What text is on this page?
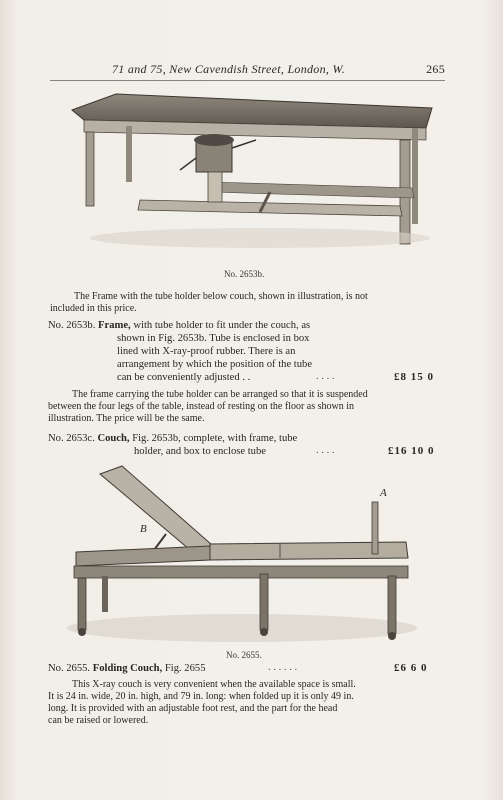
71 and 75, New Cavendish Street, London, W.	265
No. 2653b.
The Frame with the tube holder below couch, shown in illustration, is not
included in this price.
No. 2653b. Frame, with tube holder to fit under the couch, as
shown in Fig. 2653b. Tube is enclosed in box
lined with X-ray-proof rubber. There is an
arrangement by which the position of the tube
can be conveniently adjusted . .	. . . .	£8 15 0
The frame carrying the tube holder can be arranged so that it is suspended
between the four legs of the table, instead of resting on the floor as shown in
illustration. The price will be the same.
No. 2653c. Couch, Fig. 2653b, complete, with frame, tube
holder, and box to enclose tube	. . . .	£16 10 0
A
B
No. 2655.
No. 2655. Folding Couch, Fig. 2655	. . . . . .	£6 6 0
This X-ray couch is very convenient when the available space is small.
It is 24 in. wide, 20 in. high, and 79 in. long: when folded up it is only 49 in.
long. It is provided with an adjustable foot rest, and the part for the head
can be raised or lowered.
